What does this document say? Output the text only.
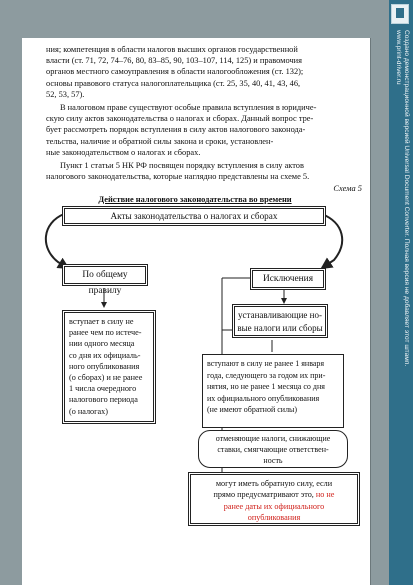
ния; компетенция в области налогов высших органов государственной

власти (ст. 71, 72, 74–76, 80, 83–85, 90, 103–107, 114, 125) и правомочия

органов местного самоуправления в области налогообложения (ст. 132);

основы правового статуса налогоплательщика (ст. 25, 35, 40, 41, 43, 46,

52, 53, 57).

В налоговом праве существуют особые правила вступления в юридиче-

скую силу актов законодательства о налогах и сборах. Данный вопрос тре-

бует рассмотреть порядок вступления в силу актов налогового законода-

тельства, наличие и обратной силы закона и сроки, установлен-

ные законодательством о налогах и сборах.

Пункт 1 статьи 5 НК РФ посвящен порядку вступления в силу актов

налогового законодательства, которые наглядно представлены на схеме 5.

Схема 5
Действие налогового законодательства во времени
Акты законодательства о налогах и сборах
По общему правилу
Исключения
вступает в силу не
ранее чем по истече-
нии одного месяца
со дня их официаль-
ного опубликования
(о сборах) и не ранее
1 числа очередного
налогового периода
(о налогах)
устанавливающие но-
вые налоги или сборы
вступают в силу не ранее 1 января
года, следующего за годом их при-
нятия, но не ранее 1 месяца со дня
их официального опубликования
(не имеют обратной силы)
отменяющие налоги, снижающие
ставки, смягчающие ответствен-
ность
могут иметь обратную силу, если
прямо предусматривают это, но не
ранее даты их официального
опубликования
Создано демонстрационной версией Universal Document Converter. Полная версия не добавляет этот штамп.
www.print-driver.ru
